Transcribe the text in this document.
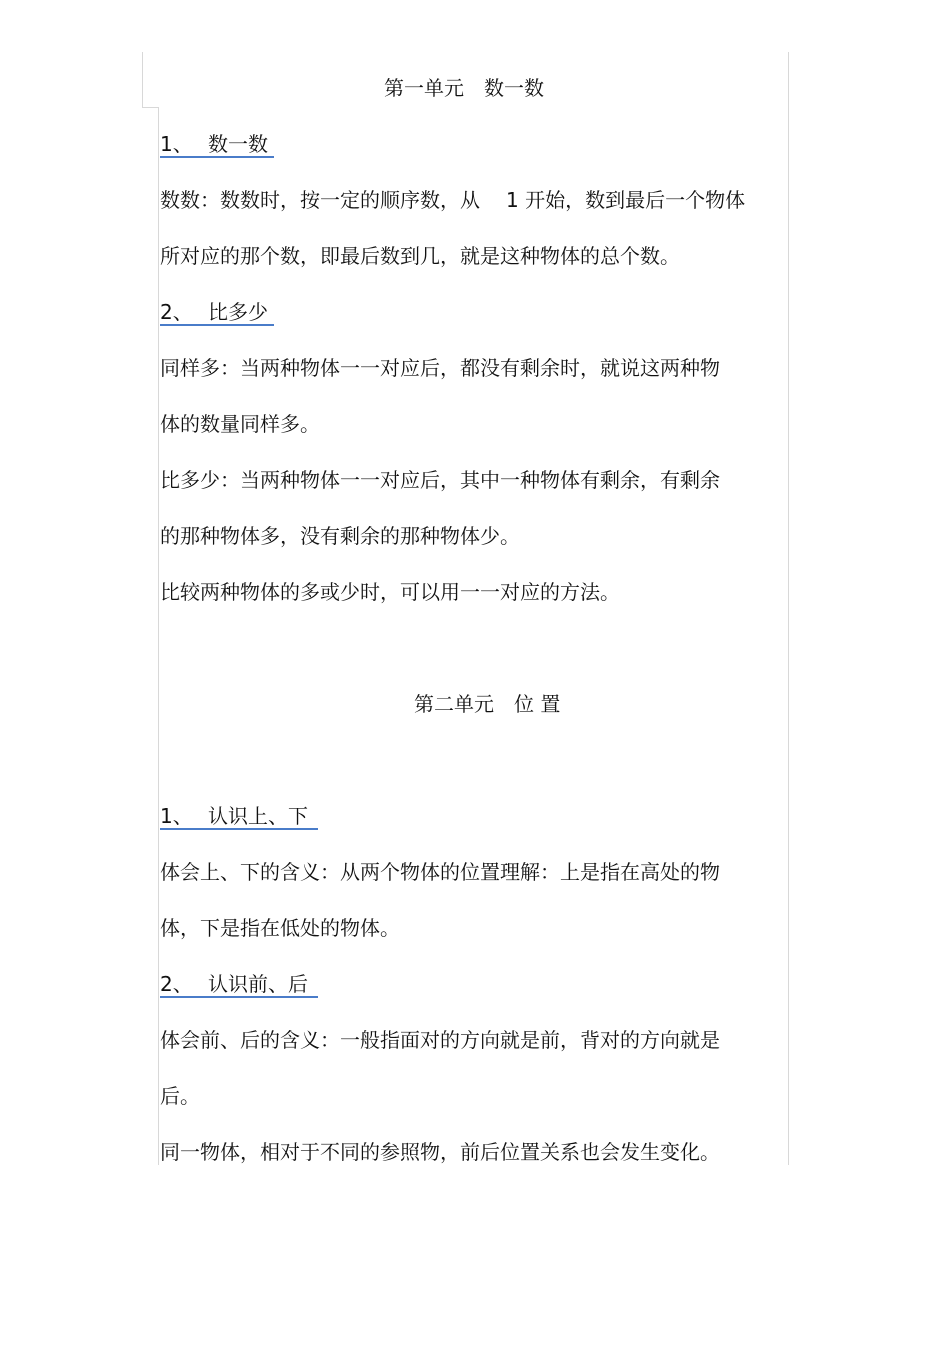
第一单元　数一数
1、 数一数
数数：数数时，按一定的顺序数，从 1 开始，数到最后一个物体
所对应的那个数，即最后数到几，就是这种物体的总个数。
2、 比多少
同样多：当两种物体一一对应后，都没有剩余时，就说这两种物
体的数量同样多。
比多少：当两种物体一一对应后，其中一种物体有剩余，有剩余
的那种物体多，没有剩余的那种物体少。
比较两种物体的多或少时，可以用一一对应的方法。
第二单元　位 置
1、 认识上、下
体会上、下的含义：从两个物体的位置理解：上是指在高处的物
体，下是指在低处的物体。
2、 认识前、后
体会前、后的含义：一般指面对的方向就是前，背对的方向就是
后。
同一物体，相对于不同的参照物，前后位置关系也会发生变化。
